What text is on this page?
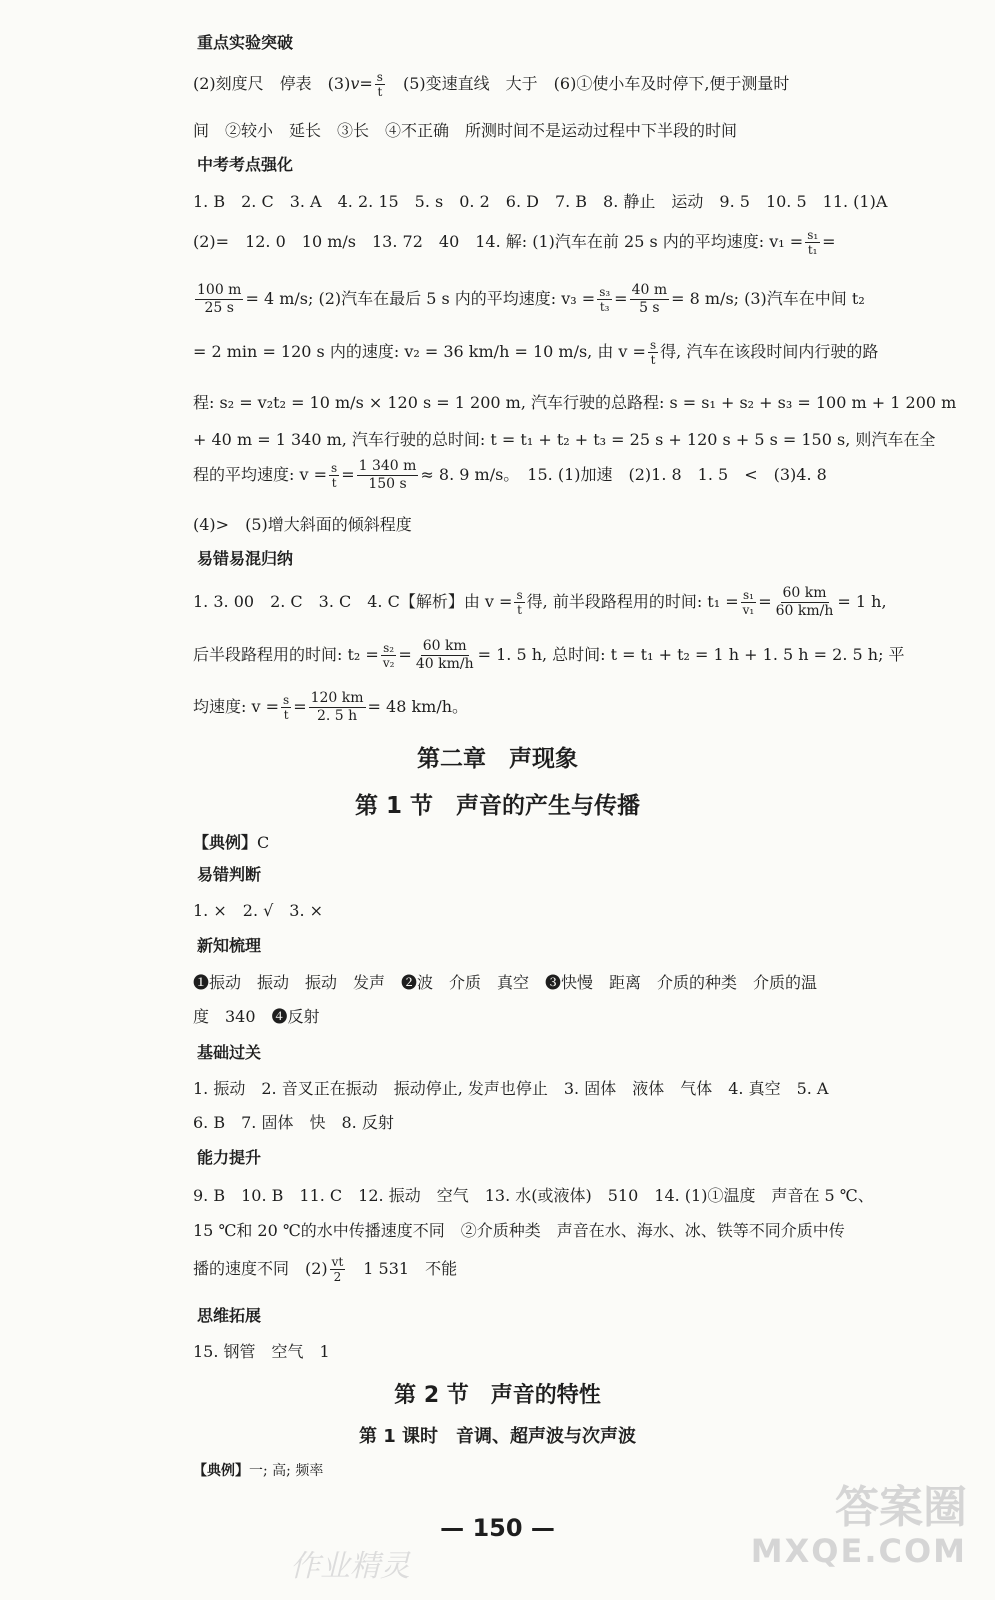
重点实验突破
(2)刻度尺　停表　$(3)v= \frac{s}{t}$
　 (5)变速直线　大于　(6)①使小车及时停下,便于测量时
间　②较小　延长　③长　④不正确　所测时间不是运动过程中下半段的时间
中考考点强化
1. B　2. C　3. A　4. 2. 15　5. s　0. 2　6. D　7. B　8. 静止　运动　9. 5　10. 5　11. (1)A
(2)=　12. 0　10 m/s　13. 72　40　14. 解: (1)汽车在前 25 s 内的平均速度: $v_1 = \frac{\text{s₁}}{\text{t₁}}$ =
$\frac{100 m}{25 s} = 4$ m/s; (2)汽车在最后 5 s 内的平均速度: $v_3 = \frac{\text{s₃}}{\text{t₃}} = \frac{40 m}{5 s} = 8$ m/s; (3)汽车在中间 t₂
= 2 min = 120 s 内的速度: v₂ = 36 km/h = 10 m/s, 由 $v = \frac{s}{t}$ 得, 汽车在该段时间内行驶的路
程: s₂ = v₂t₂ = 10 m/s × 120 s = 1 200 m, 汽车行驶的总路程: s = s₁ + s₂ + s₃ = 100 m + 1 200 m
+ 40 m = 1 340 m, 汽车行驶的总时间: t = t₁ + t₂ + t₃ = 25 s + 120 s + 5 s = 150 s, 则汽车在全
程的平均速度: $v = \frac{s}{t} = \frac{1 340 m}{150 s} \approx 8$. 9 m/s。　15. (1)加速　(2)1. 8　1. 5　<　(3)4. 8
(4)>　(5)增大斜面的倾斜程度
易错易混归纳
1. 3. 00　2. C　3. C　4. C【解析】由 $v = \frac{s}{t}$ 得, 前半段路程用的时间: $t_1 = \frac{\text{s₁}}{\text{v₁}} = \frac{60 km}{60 km/h} = 1$ h,
后半段路程用的时间: $t_2 = \frac{\text{s₂}}{\text{v₂}} = \frac{60 km}{40 km/h} = 1$. 5 h, 总时间: t = t₁ + t₂ = 1 h + 1. 5 h = 2. 5 h; 平
均速度: $v = \frac{s}{t} = \frac{120 km}{2. 5 h} = 48$ km/h。
第二章　声现象
第 1 节　声音的产生与传播
【典例】C
易错判断
1. ×　2. √　3. ×
新知梳理
❶振动　振动　振动　发声　❷波　介质　真空　❸快慢　距离　介质的种类　介质的温
度　340　❹反射
基础过关
1. 振动　2. 音叉正在振动　振动停止, 发声也停止　3. 固体　液体　气体　4. 真空　5. A
6. B　7. 固体　快　8. 反射
能力提升
9. B　10. B　11. C　12. 振动　空气　13. 水(或液体)　510　14. (1)①温度　声音在 5 ℃、
15 ℃和 20 ℃的水中传播速度不同　②介质种类　声音在水、海水、冰、铁等不同介质中传
播的速度不同　$(2) \frac{vt}{2}$ 　1 531　不能
思维拓展
15. 钢管　空气　1
第 2 节　声音的特性
第 1 课时　音调、超声波与次声波
【典例】一; 高; 频率
— 150 —	答案圈
MXQE.COM
作业精灵
